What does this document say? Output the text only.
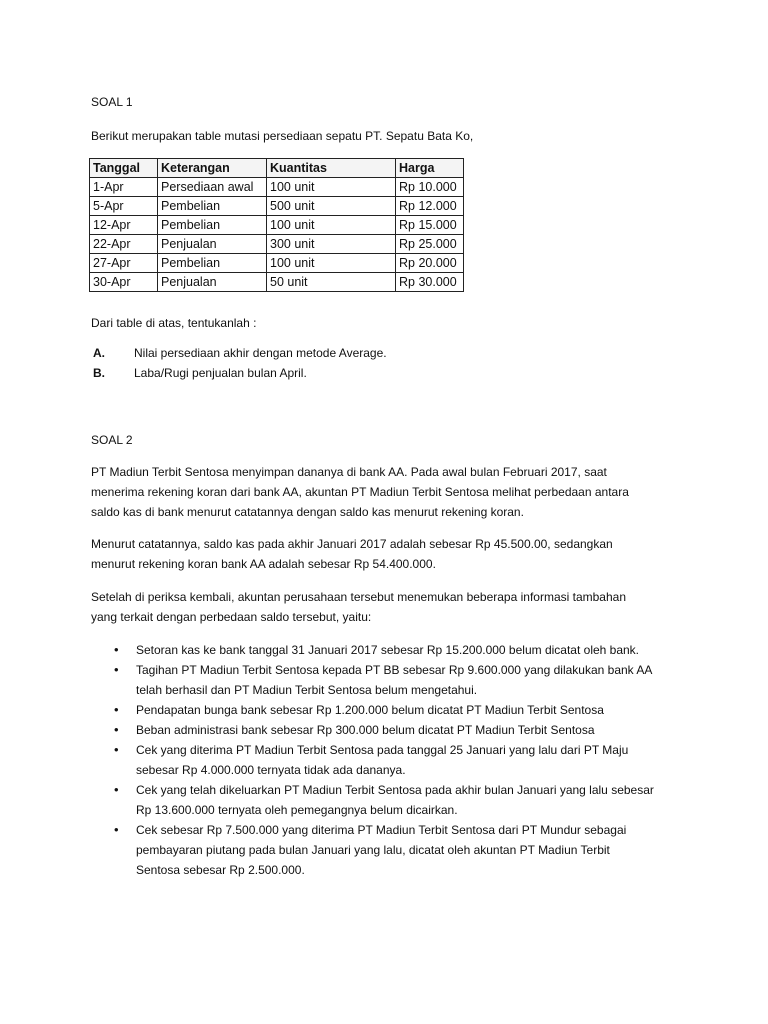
SOAL 1

Berikut merupakan table mutasi persediaan sepatu PT. Sepatu Bata Ko,

Tanggal	Keterangan	Kuantitas	Harga
1-Apr	Persediaan awal	100 unit	Rp 10.000
5-Apr	Pembelian	500 unit	Rp 12.000
12-Apr	Pembelian	100 unit	Rp 15.000
22-Apr	Penjualan	300 unit	Rp 25.000
27-Apr	Pembelian	100 unit	Rp 20.000
30-Apr	Penjualan	50 unit	Rp 30.000

Dari table di atas, tentukanlah :

A. Nilai persediaan akhir dengan metode Average.
B. Laba/Rugi penjualan bulan April.

SOAL 2

PT Madiun Terbit Sentosa menyimpan dananya di bank AA. Pada awal bulan Februari 2017, saat

menerima rekening koran dari bank AA, akuntan PT Madiun Terbit Sentosa melihat perbedaan antara

saldo kas di bank menurut catatannya dengan saldo kas menurut rekening koran.

Menurut catatannya, saldo kas pada akhir Januari 2017 adalah sebesar Rp 45.500.00, sedangkan

menurut rekening koran bank AA adalah sebesar Rp 54.400.000.

Setelah di periksa kembali, akuntan perusahaan tersebut menemukan beberapa informasi tambahan

yang terkait dengan perbedaan saldo tersebut, yaitu:

• Setoran kas ke bank tanggal 31 Januari 2017 sebesar Rp 15.200.000 belum dicatat oleh bank.
• Tagihan PT Madiun Terbit Sentosa kepada PT BB sebesar Rp 9.600.000 yang dilakukan bank AA
telah berhasil dan PT Madiun Terbit Sentosa belum mengetahui.
• Pendapatan bunga bank sebesar Rp 1.200.000 belum dicatat PT Madiun Terbit Sentosa
• Beban administrasi bank sebesar Rp 300.000 belum dicatat PT Madiun Terbit Sentosa
• Cek yang diterima PT Madiun Terbit Sentosa pada tanggal 25 Januari yang lalu dari PT Maju
sebesar Rp 4.000.000 ternyata tidak ada dananya.
• Cek yang telah dikeluarkan PT Madiun Terbit Sentosa pada akhir bulan Januari yang lalu sebesar
Rp 13.600.000 ternyata oleh pemegangnya belum dicairkan.
• Cek sebesar Rp 7.500.000 yang diterima PT Madiun Terbit Sentosa dari PT Mundur sebagai
pembayaran piutang pada bulan Januari yang lalu, dicatat oleh akuntan PT Madiun Terbit
Sentosa sebesar Rp 2.500.000.
